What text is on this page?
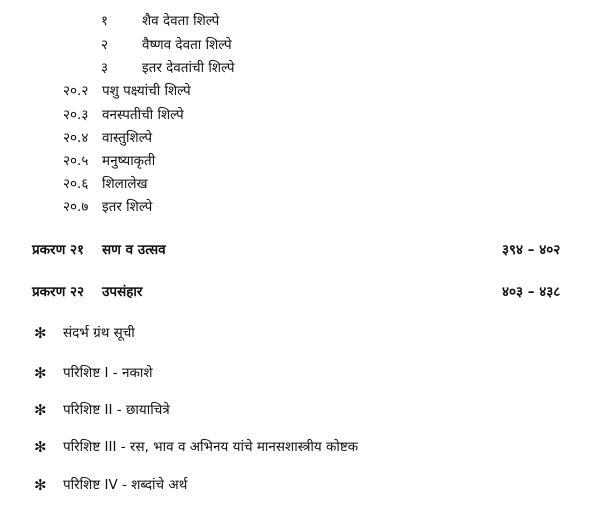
१	शैव देवता शिल्पे
२	वैष्णव देवता शिल्पे
३	इतर देवतांची शिल्पे
२०.२ पशु पक्ष्यांची शिल्पे
२०.३ वनस्पतीची शिल्पे
२०.४ वास्तुशिल्पे
२०.५ मनुष्याकृती
२०.६ शिलालेख
२०.७ इतर शिल्पे
प्रकरण २१ सण व उत्सव	३९४ – ४०२
प्रकरण २२ उपसंहार	४०३ – ४३८
✻ संदर्भ ग्रंथ सूची
✻ परिशिष्ट I - नकाशे
✻ परिशिष्ट II - छायाचित्रे
✻ परिशिष्ट III - रस, भाव व अभिनय यांचे मानसशास्त्रीय कोष्टक
✻ परिशिष्ट IV - शब्दांचे अर्थ
